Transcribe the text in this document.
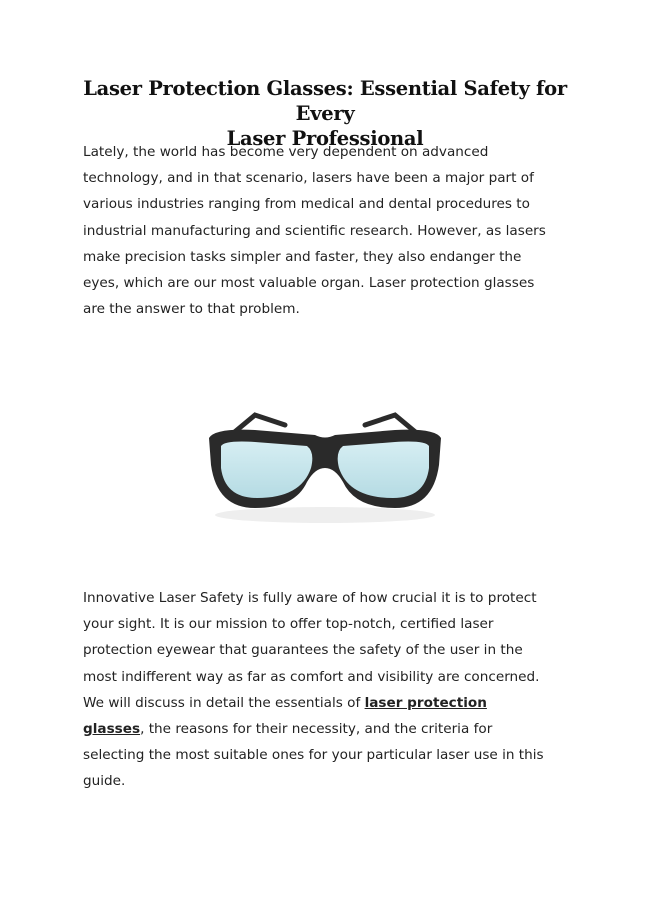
Laser Protection Glasses: Essential Safety for Every
Laser Professional
Lately, the world has become very dependent on advanced
technology, and in that scenario, lasers have been a major part of
various industries ranging from medical and dental procedures to
industrial manufacturing and scientific research. However, as lasers
make precision tasks simpler and faster, they also endanger the
eyes, which are our most valuable organ. Laser protection glasses
are the answer to that problem.
Innovative Laser Safety is fully aware of how crucial it is to protect
your sight. It is our mission to offer top-notch, certified laser
protection eyewear that guarantees the safety of the user in the
most indifferent way as far as comfort and visibility are concerned.
We will discuss in detail the essentials of laser protection
glasses, the reasons for their necessity, and the criteria for
selecting the most suitable ones for your particular laser use in this
guide.
